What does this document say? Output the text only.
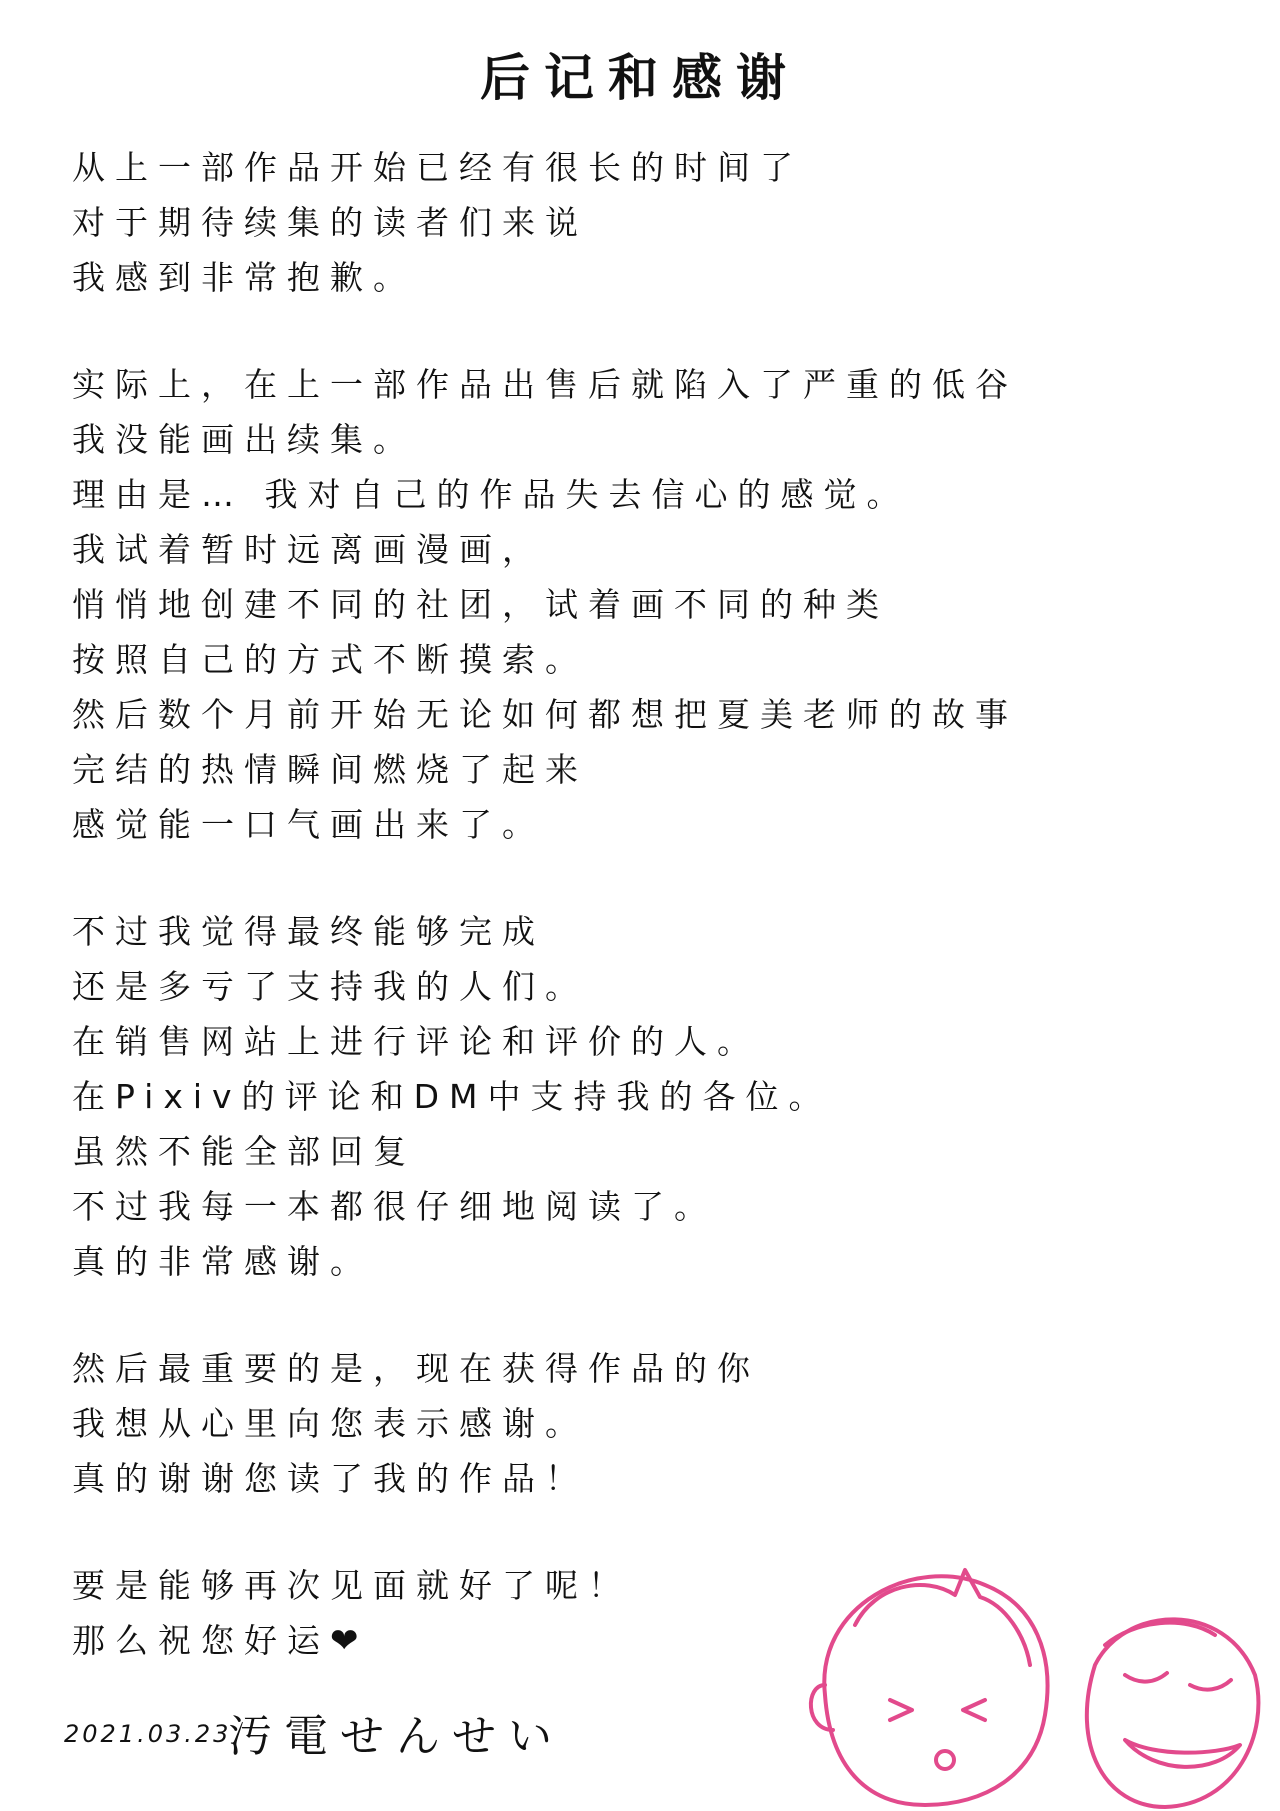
后记和感谢
从上一部作品开始已经有很长的时间了
对于期待续集的读者们来说
我感到非常抱歉。
实际上，在上一部作品出售后就陷入了严重的低谷
我没能画出续集。
理由是… 我对自己的作品失去信心的感觉。
我试着暂时远离画漫画，
悄悄地创建不同的社团，试着画不同的种类
按照自己的方式不断摸索。
然后数个月前开始无论如何都想把夏美老师的故事
完结的热情瞬间燃烧了起来
感觉能一口气画出来了。
不过我觉得最终能够完成
还是多亏了支持我的人们。
在销售网站上进行评论和评价的人。
在Pixiv的评论和DM中支持我的各位。
虽然不能全部回复
不过我每一本都很仔细地阅读了。
真的非常感谢。
然后最重要的是，现在获得作品的你
我想从心里向您表示感谢。
真的谢谢您读了我的作品！
要是能够再次见面就好了呢！
那么祝您好运❤
2021.03.23
汚電せんせい
